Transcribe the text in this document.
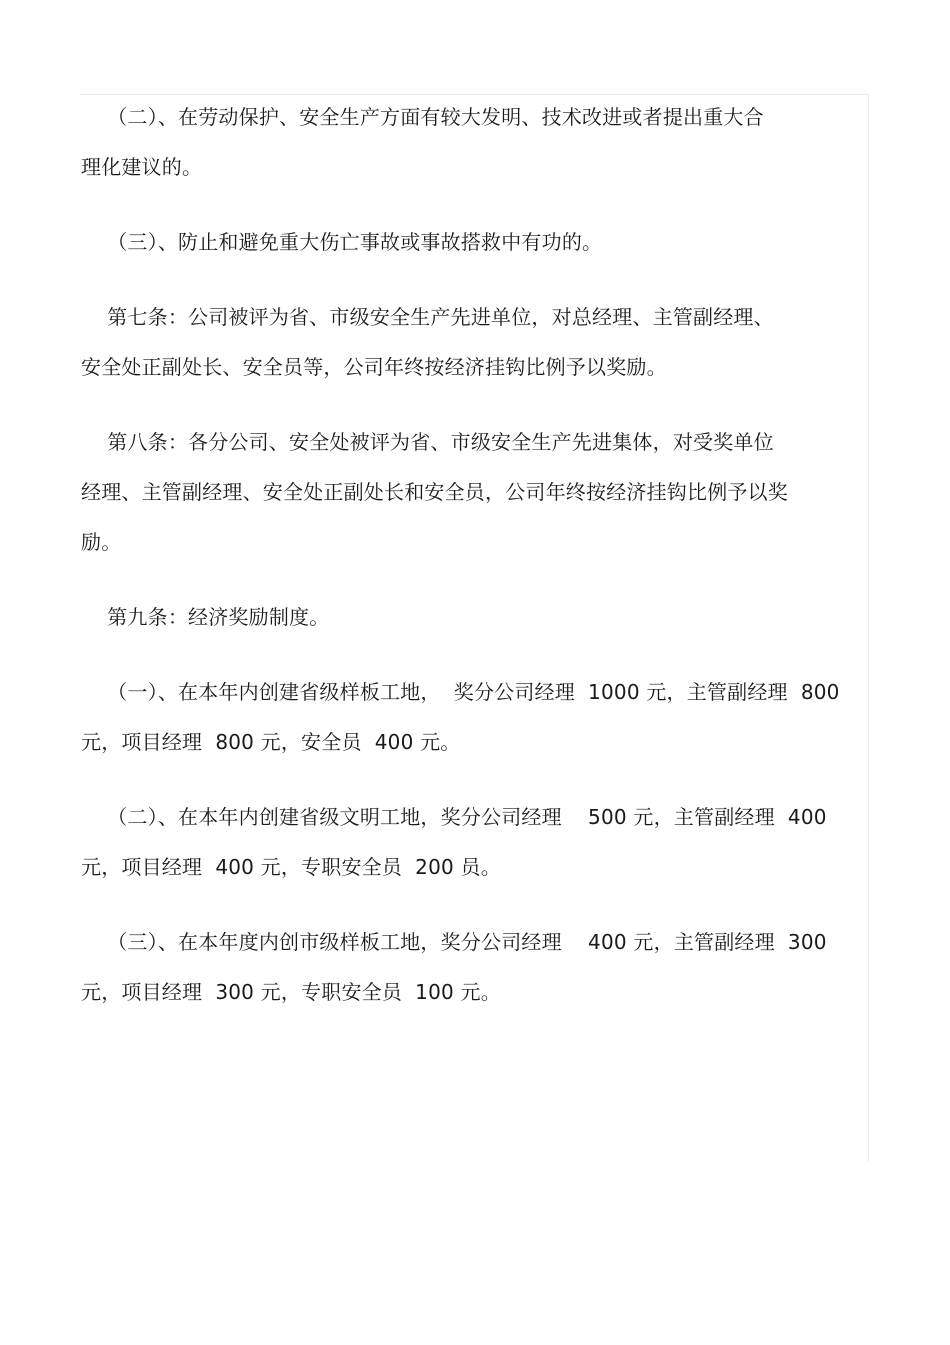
（二）、在劳动保护、安全生产方面有较大发明、技术改进或者提出重大合
理化建议的。
（三）、防止和避免重大伤亡事故或事故搭救中有功的。
第七条：公司被评为省、市级安全生产先进单位，对总经理、主管副经理、
安全处正副处长、安全员等，公司年终按经济挂钩比例予以奖励。
第八条：各分公司、安全处被评为省、市级安全生产先进集体，对受奖单位
经理、主管副经理、安全处正副处长和安全员，公司年终按经济挂钩比例予以奖
励。
第九条：经济奖励制度。
（一）、在本年内创建省级样板工地，  奖分公司经理  1000 元，主管副经理  800
元，项目经理  800 元，安全员  400 元。
（二）、在本年内创建省级文明工地，奖分公司经理    500 元，主管副经理  400
元，项目经理  400 元，专职安全员  200 员。
（三）、在本年度内创市级样板工地，奖分公司经理    400 元，主管副经理  300
元，项目经理  300 元，专职安全员  100 元。
